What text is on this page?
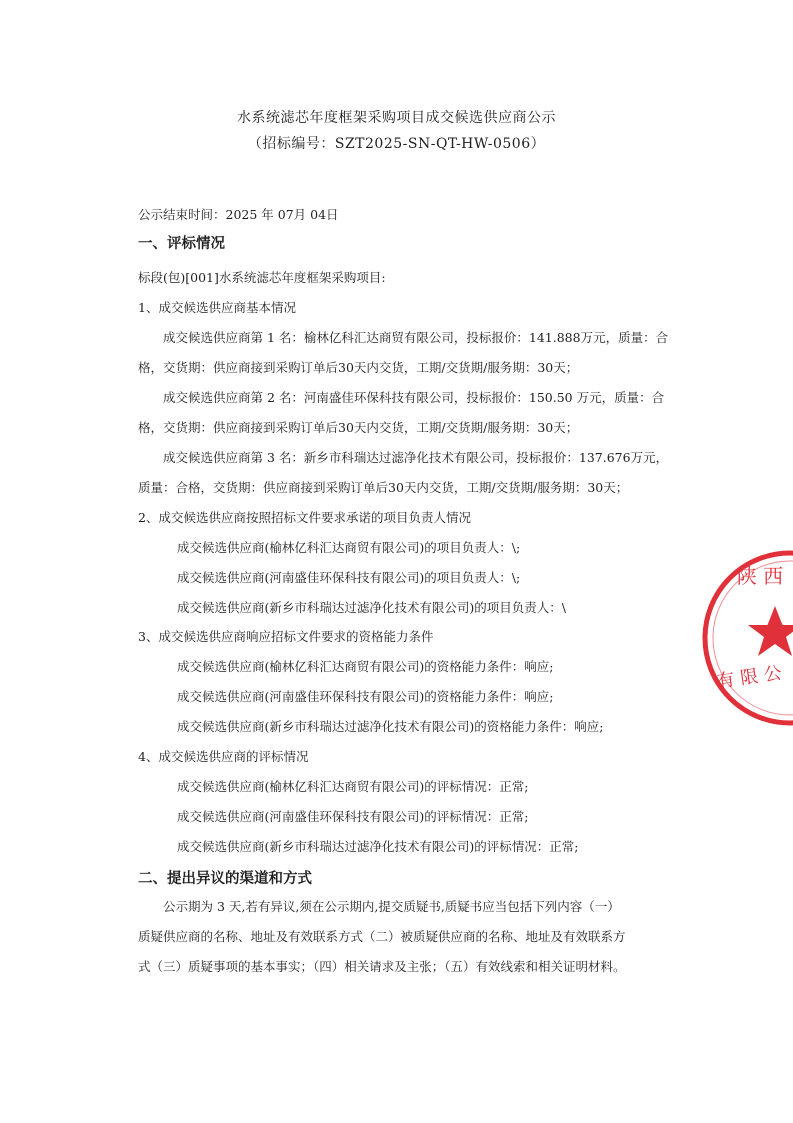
水系统滤芯年度框架采购项目成交候选供应商公示
（招标编号：SZT2025-SN-QT-HW-0506）
公示结束时间：2025 年 07月 04日
一、评标情况
标段(包)[001]水系统滤芯年度框架采购项目:
1、成交候选供应商基本情况
成交候选供应商第 1 名：榆林亿科汇达商贸有限公司，投标报价：141.888万元，质量：合
格，交货期：供应商接到采购订单后30天内交货，工期/交货期/服务期：30天；
成交候选供应商第 2 名：河南盛佳环保科技有限公司，投标报价：150.50 万元，质量：合
格，交货期：供应商接到采购订单后30天内交货，工期/交货期/服务期：30天；
成交候选供应商第 3 名：新乡市科瑞达过滤净化技术有限公司，投标报价：137.676万元，
质量：合格，交货期：供应商接到采购订单后30天内交货，工期/交货期/服务期：30天；
2、成交候选供应商按照招标文件要求承诺的项目负责人情况
成交候选供应商(榆林亿科汇达商贸有限公司)的项目负责人：\;
成交候选供应商(河南盛佳环保科技有限公司)的项目负责人：\;
成交候选供应商(新乡市科瑞达过滤净化技术有限公司)的项目负责人：\
3、成交候选供应商响应招标文件要求的资格能力条件
成交候选供应商(榆林亿科汇达商贸有限公司)的资格能力条件：响应;
成交候选供应商(河南盛佳环保科技有限公司)的资格能力条件：响应;
成交候选供应商(新乡市科瑞达过滤净化技术有限公司)的资格能力条件：响应;
4、成交候选供应商的评标情况
成交候选供应商(榆林亿科汇达商贸有限公司)的评标情况：正常;
成交候选供应商(河南盛佳环保科技有限公司)的评标情况：正常;
成交候选供应商(新乡市科瑞达过滤净化技术有限公司)的评标情况：正常;
二、提出异议的渠道和方式
公示期为 3 天,若有异议,须在公示期内,提交质疑书,质疑书应当包括下列内容（一）
质疑供应商的名称、地址及有效联系方式（二）被质疑供应商的名称、地址及有效联系方
式（三）质疑事项的基本事实；（四）相关请求及主张；（五）有效线索和相关证明材料。
陕 西
有 限 公
